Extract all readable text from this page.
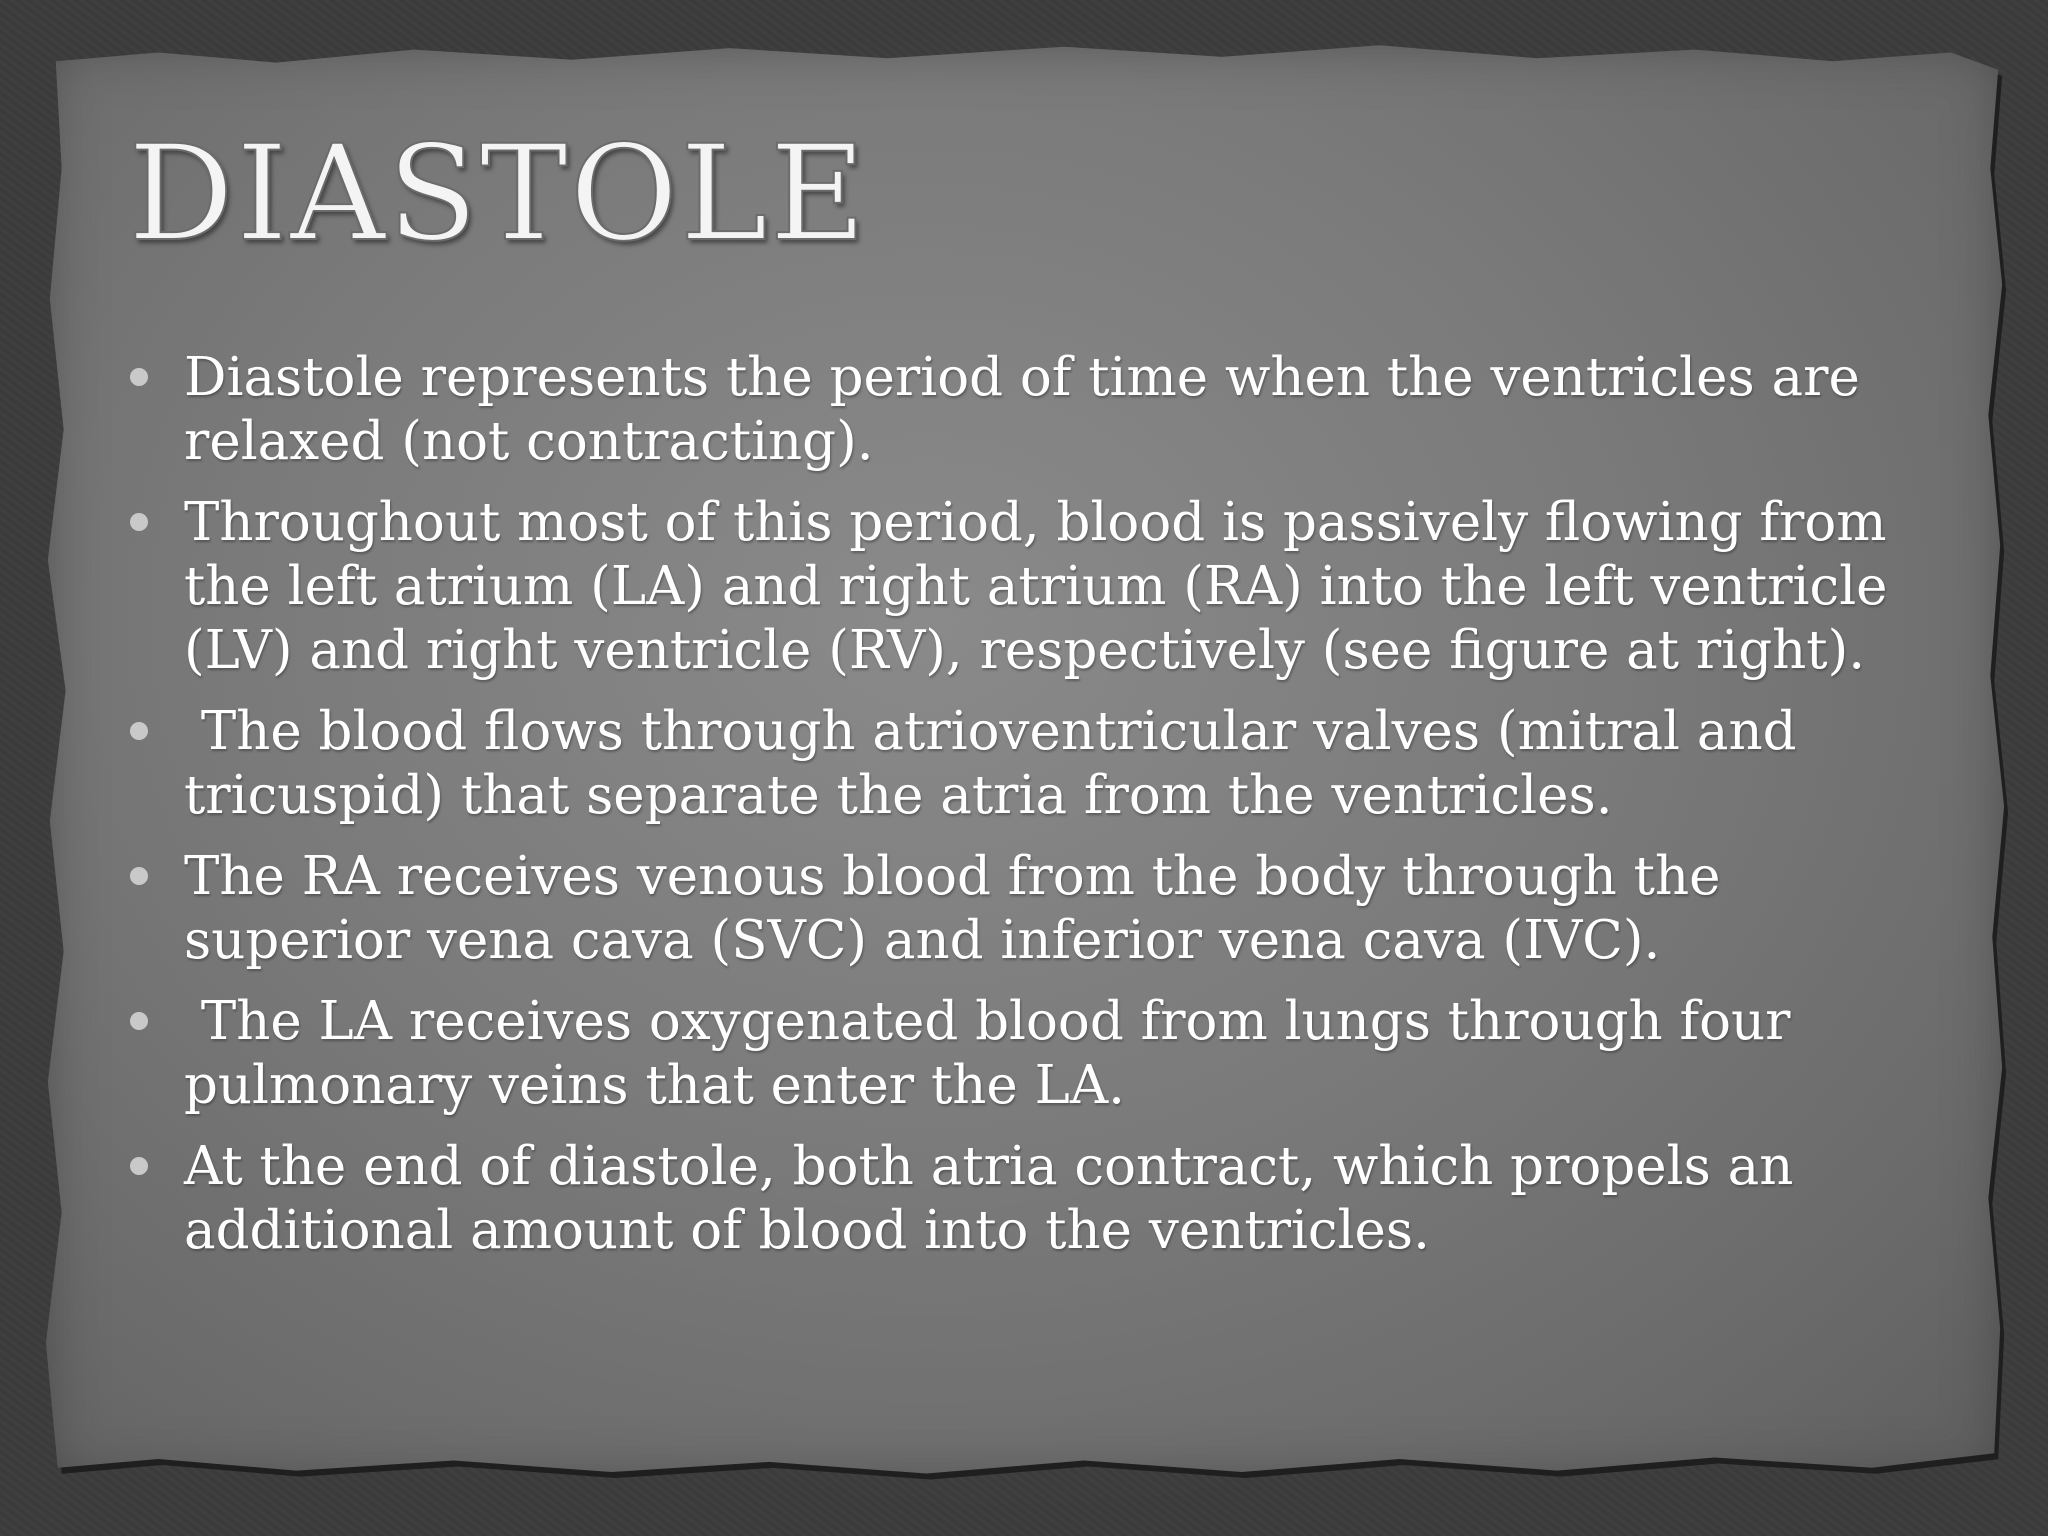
DIASTOLE
Diastole represents the period of time when the ventricles are relaxed (not contracting).
Throughout most of this period, blood is passively flowing from the left atrium (LA) and right atrium (RA) into the left ventricle (LV) and right ventricle (RV), respectively (see figure at right).
The blood flows through atrioventricular valves (mitral and tricuspid) that separate the atria from the ventricles.
The RA receives venous blood from the body through the superior vena cava (SVC) and inferior vena cava (IVC).
The LA receives oxygenated blood from lungs through four pulmonary veins that enter the LA.
At the end of diastole, both atria contract, which propels an additional amount of blood into the ventricles.
